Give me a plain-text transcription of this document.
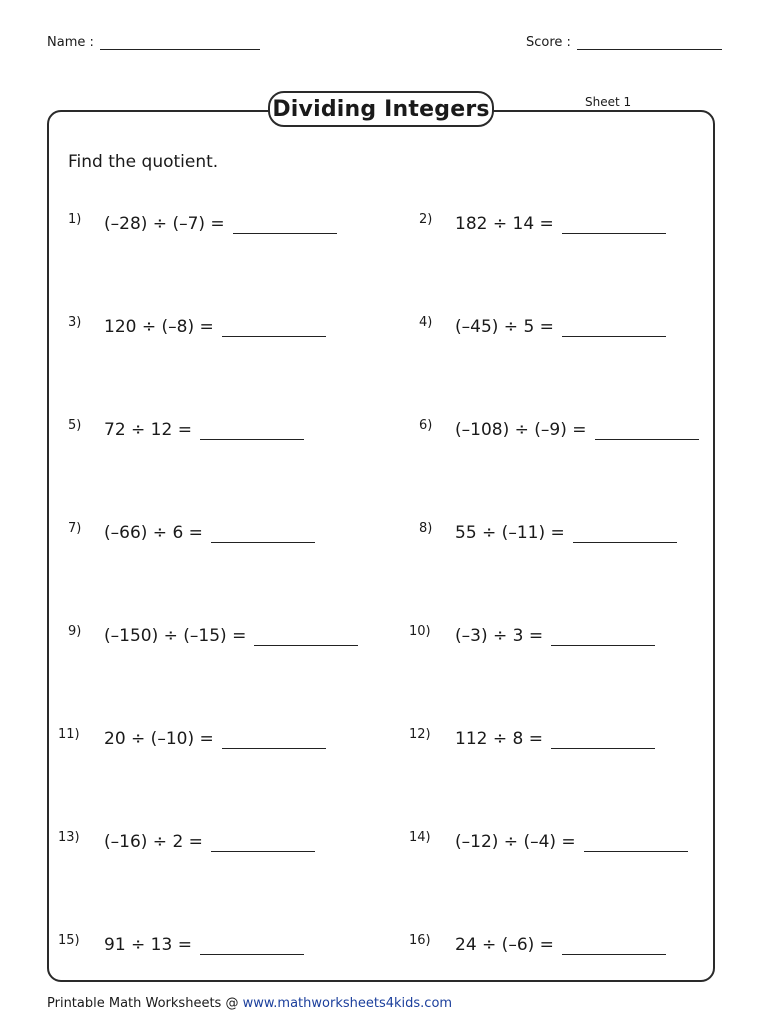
Name :	Score :
Dividing Integers	Sheet 1
Find the quotient.
1)	(–28) ÷ (–7) =	2)	182 ÷ 14 =
3)	120 ÷ (–8) =	4)	(–45) ÷ 5 =
5)	72 ÷ 12 =	6)	(–108) ÷ (–9) =
7)	(–66) ÷ 6 =	8)	55 ÷ (–11) =
9)	(–150) ÷ (–15) =	10)	(–3) ÷ 3 =
11)	20 ÷ (–10) =	12)	112 ÷ 8 =
13)	(–16) ÷ 2 =	14)	(–12) ÷ (–4) =
15)	91 ÷ 13 =	16)	24 ÷ (–6) =
Printable Math Worksheets @ www.mathworksheets4kids.com
